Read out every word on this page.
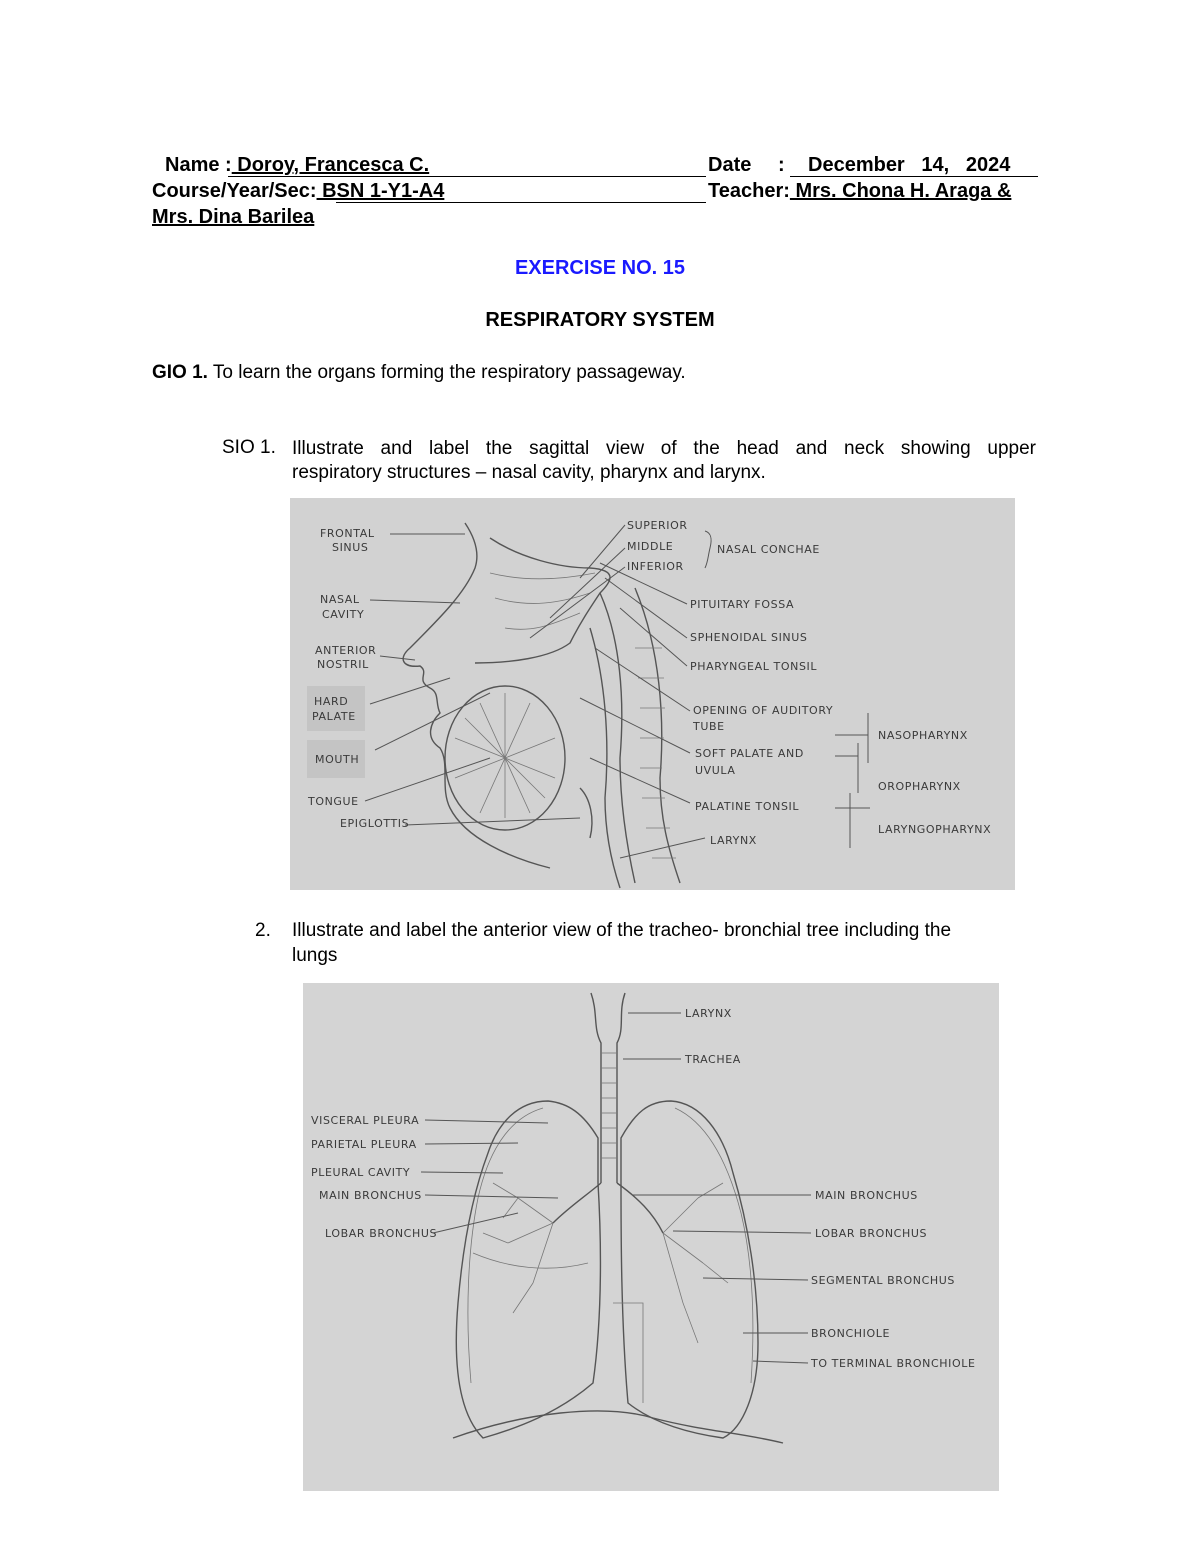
Name : Doroy, Francesca C.	Date : December   14,   2024
Course/Year/Sec: BSN 1-Y1-A4	Teacher: Mrs. Chona H. Araga &
Mrs. Dina Barilea
EXERCISE NO. 15
RESPIRATORY SYSTEM
GIO 1. To learn the organs forming the respiratory passageway.
SIO 1. Illustrate and label the sagittal view of the head and neck showing upper
respiratory structures – nasal cavity, pharynx and larynx.
FRONTAL
SINUS
NASAL
CAVITY
ANTERIOR
NOSTRIL
HARD
PALATE
MOUTH
TONGUE
EPIGLOTTIS
SUPERIOR
MIDDLE
INFERIOR
NASAL CONCHAE
PITUITARY FOSSA
SPHENOIDAL SINUS
PHARYNGEAL TONSIL
OPENING OF AUDITORY
TUBE
SOFT PALATE AND
UVULA
PALATINE TONSIL
LARYNX
NASOPHARYNX
OROPHARYNX
LARYNGOPHARYNX
2. Illustrate and label the anterior view of the tracheo- bronchial tree including the
lungs
LARYNX
TRACHEA
VISCERAL PLEURA
PARIETAL PLEURA
PLEURAL CAVITY
MAIN BRONCHUS
LOBAR BRONCHUS
MAIN BRONCHUS
LOBAR BRONCHUS
SEGMENTAL BRONCHUS
BRONCHIOLE
TO TERMINAL BRONCHIOLE
